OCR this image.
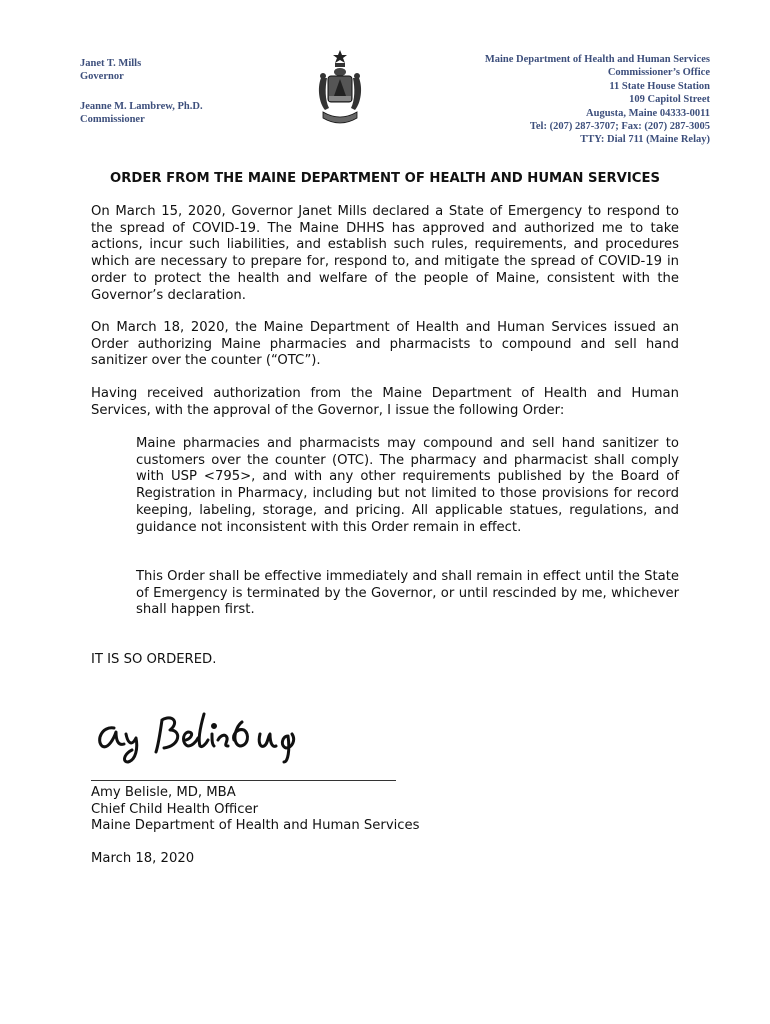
Janet T. Mills
Governor
Jeanne M. Lambrew, Ph.D.
Commissioner
Maine Department of Health and Human Services
Commissioner’s Office
11 State House Station
109 Capitol Street
Augusta, Maine 04333-0011
Tel: (207) 287-3707; Fax: (207) 287-3005
TTY: Dial 711 (Maine Relay)
ORDER FROM THE MAINE DEPARTMENT OF HEALTH AND HUMAN SERVICES
On March 15, 2020, Governor Janet Mills declared a State of Emergency to respond to the spread of COVID-19. The Maine DHHS has approved and authorized me to take actions, incur such liabilities, and establish such rules, requirements, and procedures which are necessary to prepare for, respond to, and mitigate the spread of COVID-19 in order to protect the health and welfare of the people of Maine, consistent with the Governor’s declaration.
On March 18, 2020, the Maine Department of Health and Human Services issued an Order authorizing Maine pharmacies and pharmacists to compound and sell hand sanitizer over the counter (“OTC”).
Having received authorization from the Maine Department of Health and Human Services, with the approval of the Governor, I issue the following Order:
Maine pharmacies and pharmacists may compound and sell hand sanitizer to customers over the counter (OTC). The pharmacy and pharmacist shall comply with USP <795>, and with any other requirements published by the Board of Registration in Pharmacy, including but not limited to those provisions for record keeping, labeling, storage, and pricing. All applicable statues, regulations, and guidance not inconsistent with this Order remain in effect.
This Order shall be effective immediately and shall remain in effect until the State of Emergency is terminated by the Governor, or until rescinded by me, whichever shall happen first.
IT IS SO ORDERED.
Amy Belisle, MD, MBA
Chief Child Health Officer
Maine Department of Health and Human Services
March 18, 2020
